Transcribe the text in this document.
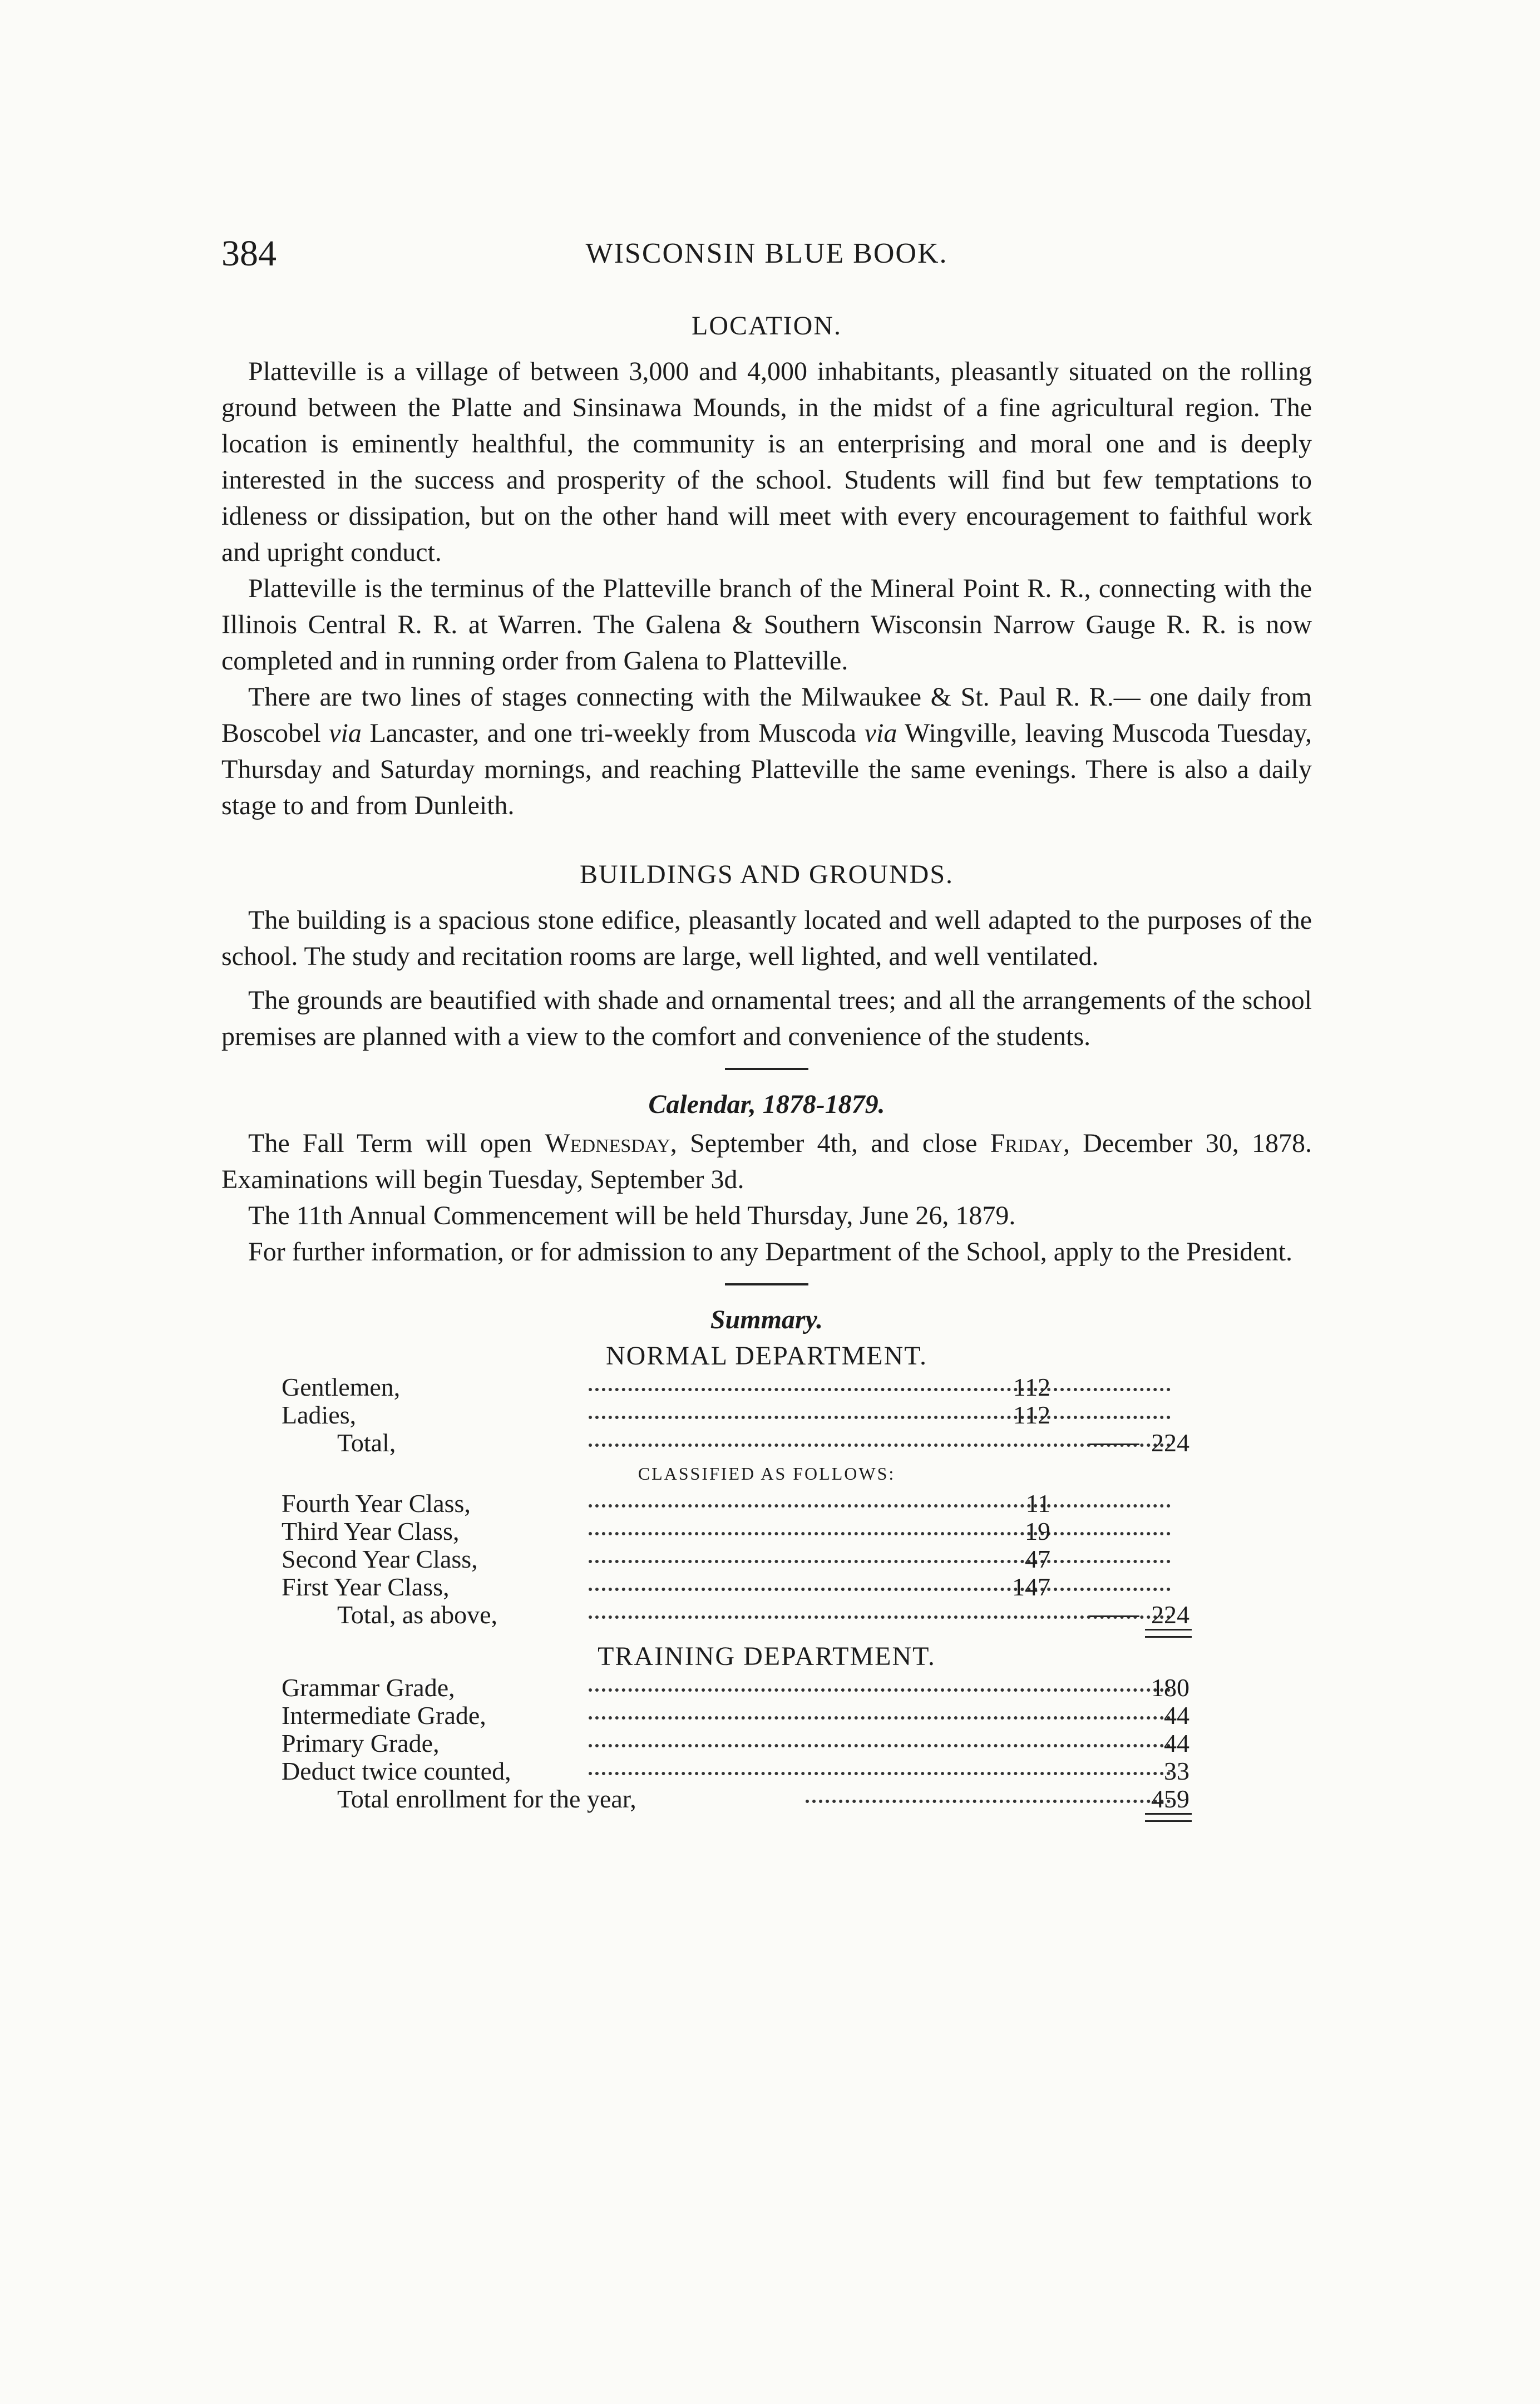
384	WISCONSIN BLUE BOOK.
LOCATION.

Platteville is a village of between 3,000 and 4,000 inhabitants, pleasantly situated on the rolling ground between the Platte and Sinsinawa Mounds, in the midst of a fine agricultural region. The location is eminently healthful, the community is an enterprising and moral one and is deeply interested in the success and prosperity of the school. Students will find but few temptations to idleness or dissipation, but on the other hand will meet with every encouragement to faithful work and upright conduct.

Platteville is the terminus of the Platteville branch of the Mineral Point R. R., connecting with the Illinois Central R. R. at Warren. The Galena & Southern Wisconsin Narrow Gauge R. R. is now completed and in running order from Galena to Platteville.

There are two lines of stages connecting with the Milwaukee & St. Paul R. R.— one daily from Boscobel via Lancaster, and one tri-weekly from Muscoda via Wingville, leaving Muscoda Tuesday, Thursday and Saturday mornings, and reaching Platteville the same evenings. There is also a daily stage to and from Dunleith.

BUILDINGS AND GROUNDS.

The building is a spacious stone edifice, pleasantly located and well adapted to the purposes of the school. The study and recitation rooms are large, well lighted, and well ventilated.

The grounds are beautified with shade and ornamental trees; and all the arrangements of the school premises are planned with a view to the comfort and convenience of the students.

Calendar, 1878-1879.

The Fall Term will open Wednesday, September 4th, and close Friday, December 30, 1878. Examinations will begin Tuesday, September 3d.

The 11th Annual Commencement will be held Thursday, June 26, 1879.

For further information, or for admission to any Department of the School, apply to the President.

Summary.
NORMAL DEPARTMENT.
Gentlemen,	112
Ladies,	112
Total,	224
CLASSIFIED AS FOLLOWS:
Fourth Year Class,	11
Third Year Class,	19
Second Year Class,	47
First Year Class,	147
Total, as above,	224
TRAINING DEPARTMENT.
Grammar Grade,	180
Intermediate Grade,	44
Primary Grade,	44
Deduct twice counted,	33
Total enrollment for the year,	459
